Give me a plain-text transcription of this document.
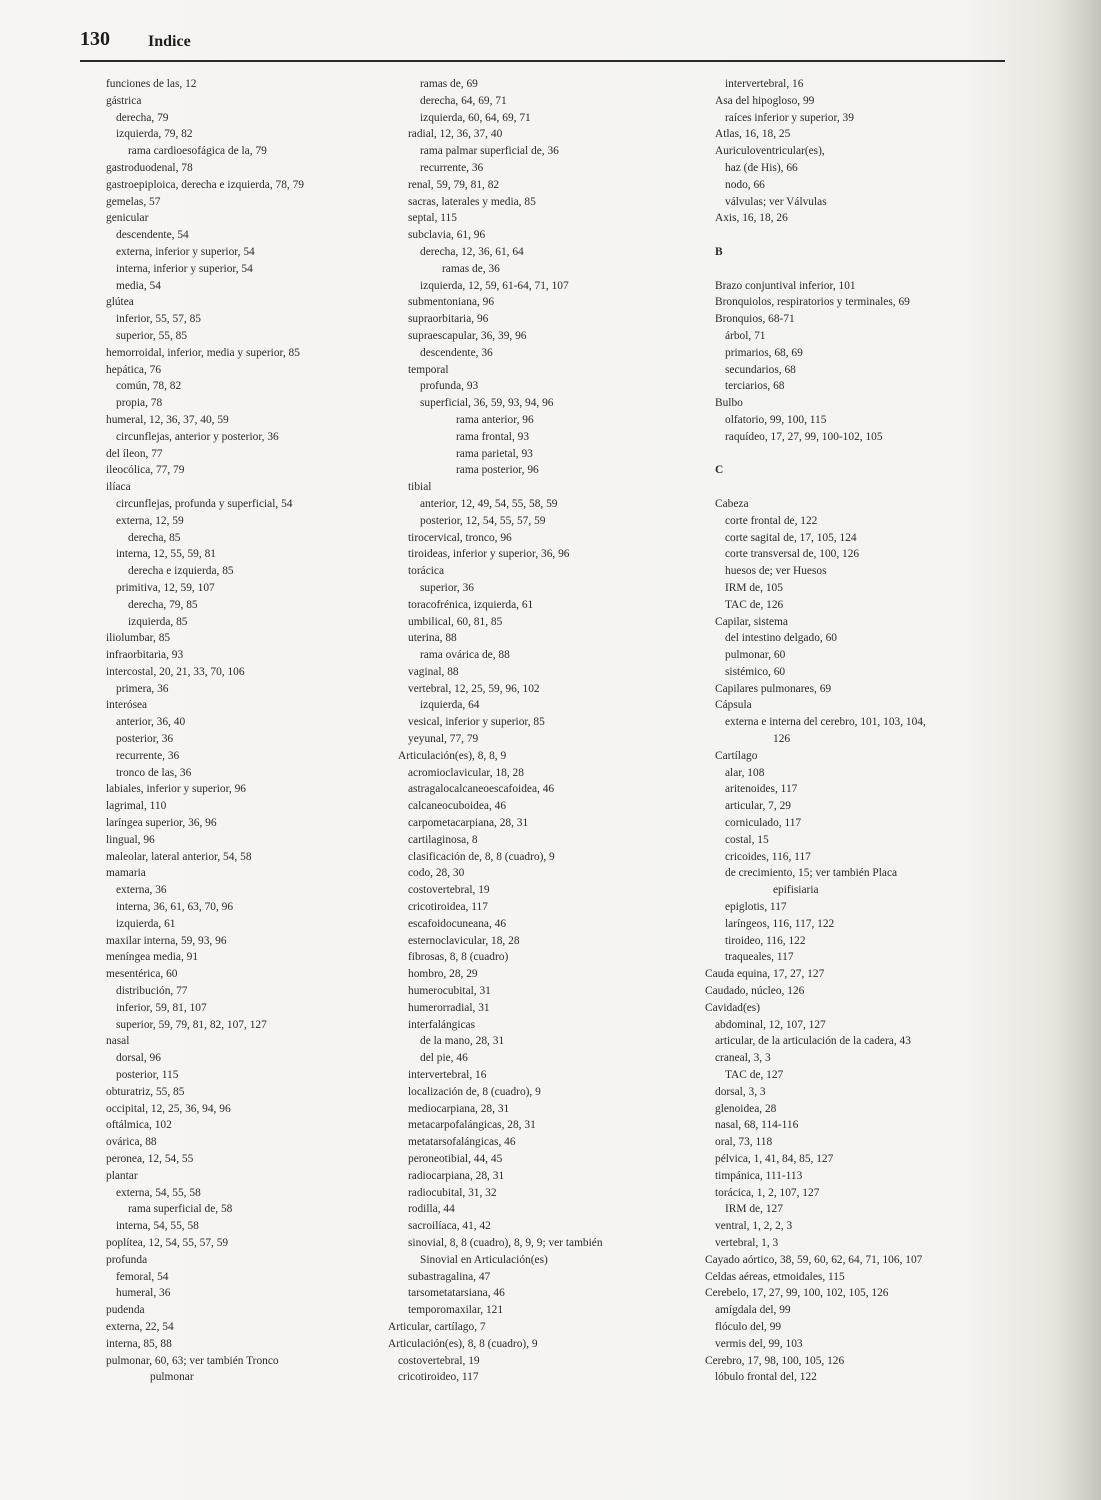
130 Indice
funciones de las, 12
gástrica
derecha, 79
izquierda, 79, 82
rama cardioesofágica de la, 79
gastroduodenal, 78
gastroepiploica, derecha e izquierda, 78, 79
gemelas, 57
genicular
descendente, 54
externa, inferior y superior, 54
interna, inferior y superior, 54
media, 54
glútea
inferior, 55, 57, 85
superior, 55, 85
hemorroidal, inferior, media y superior, 85
hepática, 76
común, 78, 82
propia, 78
humeral, 12, 36, 37, 40, 59
circunflejas, anterior y posterior, 36
del íleon, 77
ileocólica, 77, 79
ilíaca
circunflejas, profunda y superficial, 54
externa, 12, 59
derecha, 85
interna, 12, 55, 59, 81
derecha e izquierda, 85
primitiva, 12, 59, 107
derecha, 79, 85
izquierda, 85
iliolumbar, 85
infraorbitaria, 93
intercostal, 20, 21, 33, 70, 106
primera, 36
interósea
anterior, 36, 40
posterior, 36
recurrente, 36
tronco de las, 36
labiales, inferior y superior, 96
lagrimal, 110
laríngea superior, 36, 96
lingual, 96
maleolar, lateral anterior, 54, 58
mamaria
externa, 36
interna, 36, 61, 63, 70, 96
izquierda, 61
maxilar interna, 59, 93, 96
meníngea media, 91
mesentérica, 60
distribución, 77
inferior, 59, 81, 107
superior, 59, 79, 81, 82, 107, 127
nasal
dorsal, 96
posterior, 115
obturatriz, 55, 85
occipital, 12, 25, 36, 94, 96
oftálmica, 102
ovárica, 88
peronea, 12, 54, 55
plantar
externa, 54, 55, 58
rama superficial de, 58
interna, 54, 55, 58
poplítea, 12, 54, 55, 57, 59
profunda
femoral, 54
humeral, 36
pudenda
externa, 22, 54
interna, 85, 88
pulmonar, 60, 63; ver también Tronco
pulmonar
ramas de, 69
derecha, 64, 69, 71
izquierda, 60, 64, 69, 71
radial, 12, 36, 37, 40
rama palmar superficial de, 36
recurrente, 36
renal, 59, 79, 81, 82
sacras, laterales y media, 85
septal, 115
subclavia, 61, 96
derecha, 12, 36, 61, 64
ramas de, 36
izquierda, 12, 59, 61-64, 71, 107
submentoniana, 96
supraorbitaria, 96
supraescapular, 36, 39, 96
descendente, 36
temporal
profunda, 93
superficial, 36, 59, 93, 94, 96
rama anterior, 96
rama frontal, 93
rama parietal, 93
rama posterior, 96
tibial
anterior, 12, 49, 54, 55, 58, 59
posterior, 12, 54, 55, 57, 59
tirocervical, tronco, 96
tiroideas, inferior y superior, 36, 96
torácica
superior, 36
toracofrénica, izquierda, 61
umbilical, 60, 81, 85
uterina, 88
rama ovárica de, 88
vaginal, 88
vertebral, 12, 25, 59, 96, 102
izquierda, 64
vesical, inferior y superior, 85
yeyunal, 77, 79
Articulación(es), 8, 8, 9
acromioclavicular, 18, 28
astragalocalcaneoescafoidea, 46
calcaneocuboidea, 46
carpometacarpiana, 28, 31
cartilaginosa, 8
clasificación de, 8, 8 (cuadro), 9
codo, 28, 30
costovertebral, 19
cricotiroidea, 117
escafoidocuneana, 46
esternoclavicular, 18, 28
fibrosas, 8, 8 (cuadro)
hombro, 28, 29
humerocubital, 31
humerorradial, 31
interfalángicas
de la mano, 28, 31
del pie, 46
intervertebral, 16
localización de, 8 (cuadro), 9
mediocarpiana, 28, 31
metacarpofalángicas, 28, 31
metatarsofalángicas, 46
peroneotibial, 44, 45
radiocarpiana, 28, 31
radiocubital, 31, 32
rodilla, 44
sacroilíaca, 41, 42
sinovial, 8, 8 (cuadro), 8, 9, 9; ver también
Sinovial en Articulación(es)
subastragalina, 47
tarsometatarsiana, 46
temporomaxilar, 121
Articular, cartílago, 7
Articulación(es), 8, 8 (cuadro), 9
costovertebral, 19
cricotiroideo, 117
intervertebral, 16
Asa del hipogloso, 99
raíces inferior y superior, 39
Atlas, 16, 18, 25
Auriculoventricular(es),
haz (de His), 66
nodo, 66
válvulas; ver Válvulas
Axis, 16, 18, 26
B
Brazo conjuntival inferior, 101
Bronquiolos, respiratorios y terminales, 69
Bronquios, 68-71
árbol, 71
primarios, 68, 69
secundarios, 68
terciarios, 68
Bulbo
olfatorio, 99, 100, 115
raquídeo, 17, 27, 99, 100-102, 105
C
Cabeza
corte frontal de, 122
corte sagital de, 17, 105, 124
corte transversal de, 100, 126
huesos de; ver Huesos
IRM de, 105
TAC de, 126
Capilar, sistema
del intestino delgado, 60
pulmonar, 60
sistémico, 60
Capilares pulmonares, 69
Cápsula
externa e interna del cerebro, 101, 103, 104,
126
Cartílago
alar, 108
aritenoides, 117
articular, 7, 29
corniculado, 117
costal, 15
cricoides, 116, 117
de crecimiento, 15; ver también Placa
epifisiaria
epiglotis, 117
laríngeos, 116, 117, 122
tiroideo, 116, 122
traqueales, 117
Cauda equina, 17, 27, 127
Caudado, núcleo, 126
Cavidad(es)
abdominal, 12, 107, 127
articular, de la articulación de la cadera, 43
craneal, 3, 3
TAC de, 127
dorsal, 3, 3
glenoidea, 28
nasal, 68, 114-116
oral, 73, 118
pélvica, 1, 41, 84, 85, 127
timpánica, 111-113
torácica, 1, 2, 107, 127
IRM de, 127
ventral, 1, 2, 2, 3
vertebral, 1, 3
Cayado aórtico, 38, 59, 60, 62, 64, 71, 106, 107
Celdas aéreas, etmoidales, 115
Cerebelo, 17, 27, 99, 100, 102, 105, 126
amígdala del, 99
flóculo del, 99
vermis del, 99, 103
Cerebro, 17, 98, 100, 105, 126
lóbulo frontal del, 122
